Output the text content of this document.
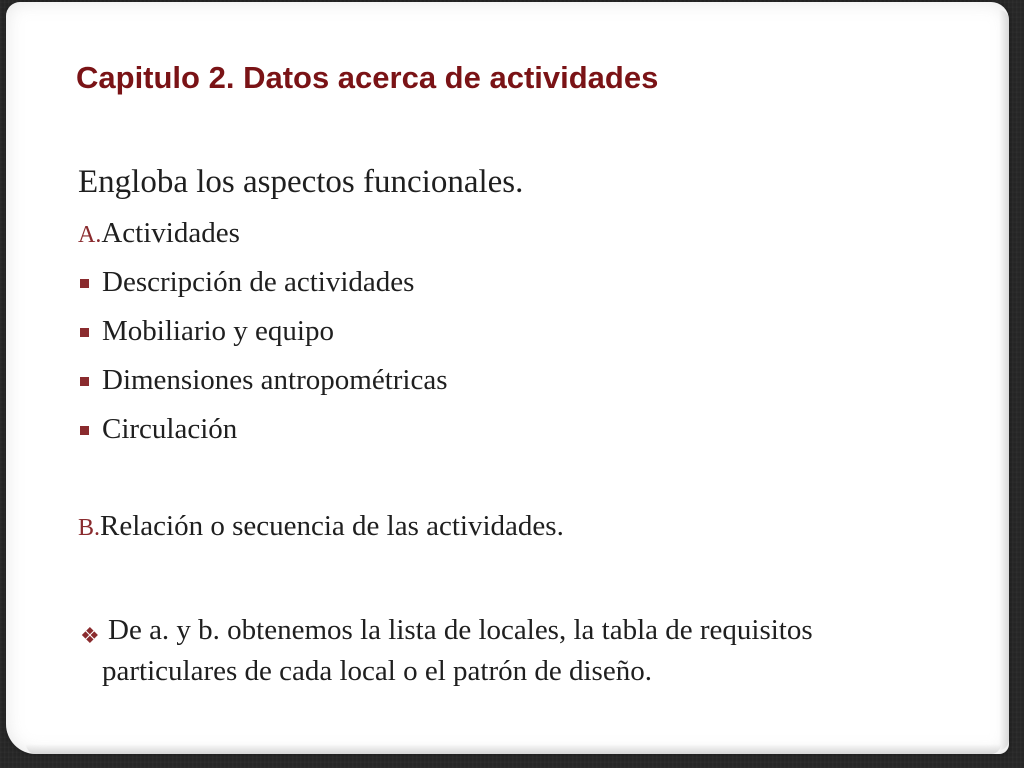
Capitulo 2. Datos acerca de actividades
Engloba los aspectos funcionales.
A.Actividades
Descripción de actividades
Mobiliario y equipo
Dimensiones antropométricas
Circulación
B.Relación o secuencia de las actividades.
❖ De a. y b. obtenemos la lista de locales, la tabla de requisitos
particulares de cada local o el patrón de diseño.
